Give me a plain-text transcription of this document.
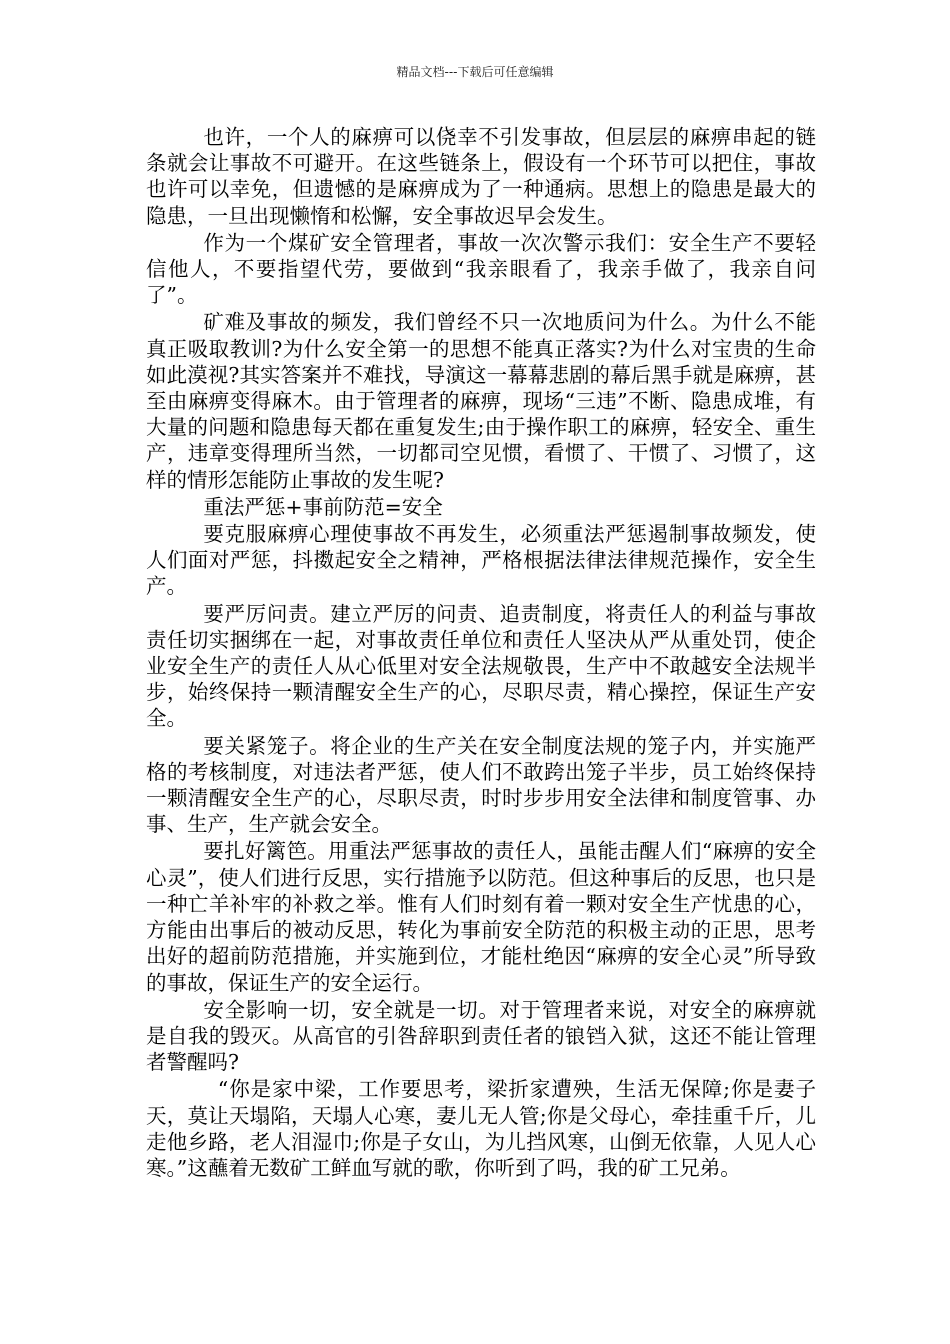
精品文档---下载后可任意编辑

也许，一个人的麻痹可以侥幸不引发事故，但层层的麻痹串起的链条就会让事故不可避开。在这些链条上，假设有一个环节可以把住，事故也许可以幸免，但遗憾的是麻痹成为了一种通病。思想上的隐患是最大的隐患，一旦出现懒惰和松懈，安全事故迟早会发生。

作为一个煤矿安全管理者，事故一次次警示我们：安全生产不要轻信他人，不要指望代劳，要做到“我亲眼看了，我亲手做了，我亲自问了”。

矿难及事故的频发，我们曾经不只一次地质问为什么。为什么不能真正吸取教训?为什么安全第一的思想不能真正落实?为什么对宝贵的生命如此漠视?其实答案并不难找，导演这一幕幕悲剧的幕后黑手就是麻痹，甚至由麻痹变得麻木。由于管理者的麻痹，现场“三违”不断、隐患成堆，有大量的问题和隐患每天都在重复发生;由于操作职工的麻痹，轻安全、重生产，违章变得理所当然，一切都司空见惯，看惯了、干惯了、习惯了，这样的情形怎能防止事故的发生呢?

重法严惩+事前防范=安全

要克服麻痹心理使事故不再发生，必须重法严惩遏制事故频发，使人们面对严惩，抖擞起安全之精神，严格根据法律法律规范操作，安全生产。

要严厉问责。建立严厉的问责、追责制度，将责任人的利益与事故责任切实捆绑在一起，对事故责任单位和责任人坚决从严从重处罚，使企业安全生产的责任人从心低里对安全法规敬畏，生产中不敢越安全法规半步，始终保持一颗清醒安全生产的心，尽职尽责，精心操控，保证生产安全。

要关紧笼子。将企业的生产关在安全制度法规的笼子内，并实施严格的考核制度，对违法者严惩，使人们不敢跨出笼子半步，员工始终保持一颗清醒安全生产的心，尽职尽责，时时步步用安全法律和制度管事、办事、生产，生产就会安全。

要扎好篱笆。用重法严惩事故的责任人，虽能击醒人们“麻痹的安全心灵”，使人们进行反思，实行措施予以防范。但这种事后的反思，也只是一种亡羊补牢的补救之举。惟有人们时刻有着一颗对安全生产忧患的心，方能由出事后的被动反思，转化为事前安全防范的积极主动的正思，思考出好的超前防范措施，并实施到位，才能杜绝因“麻痹的安全心灵”所导致的事故，保证生产的安全运行。

安全影响一切，安全就是一切。对于管理者来说，对安全的麻痹就是自我的毁灭。从高官的引咎辞职到责任者的锒铛入狱，这还不能让管理者警醒吗?

“你是家中梁，工作要思考，梁折家遭殃，生活无保障;你是妻子天，莫让天塌陷，天塌人心寒，妻儿无人管;你是父母心，牵挂重千斤，儿走他乡路，老人泪湿巾;你是子女山，为儿挡风寒，山倒无依靠，人见人心寒。”这蘸着无数矿工鲜血写就的歌，你听到了吗，我的矿工兄弟。
